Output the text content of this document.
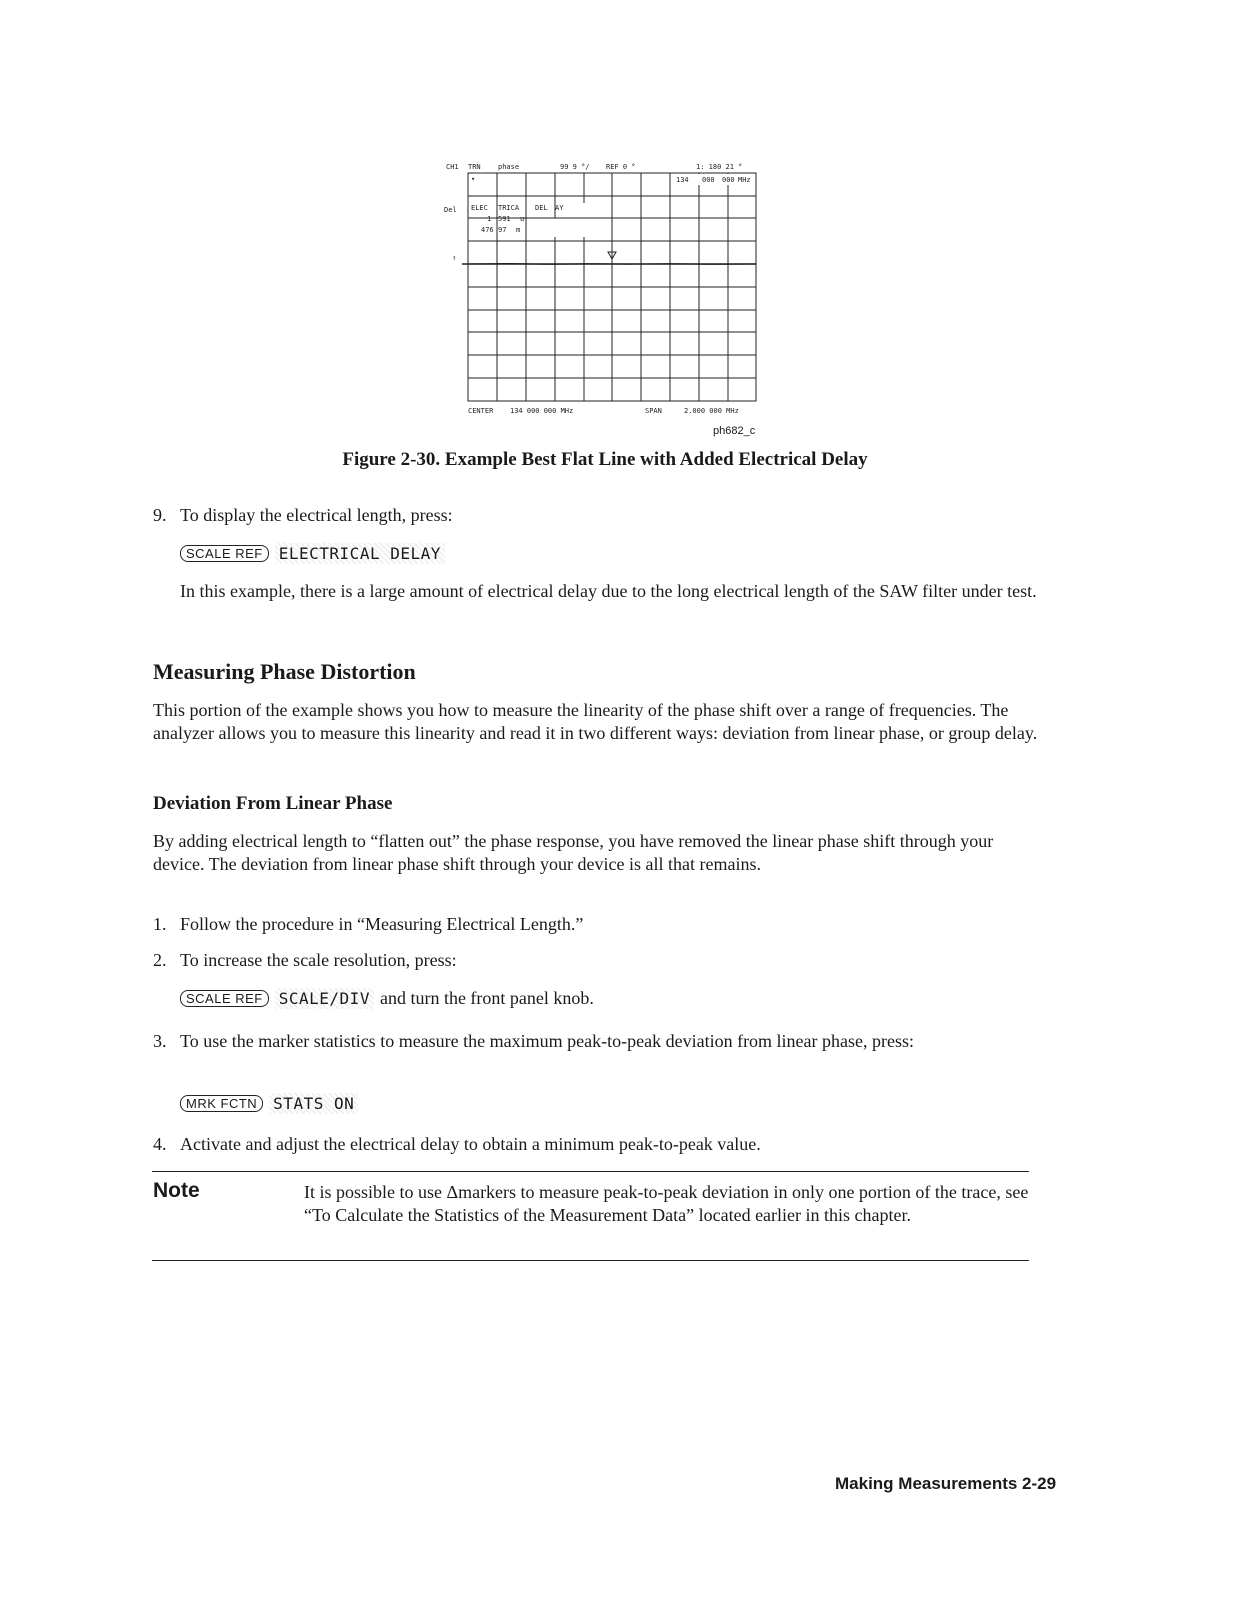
CH1 TRN phase	99 9 °/ REF 0 °	1: 180 21 °
134 000 000 MHz
▾
Del
↑
ELEC TRICA DEL AY
1 591 u
476 97 m
CENTER 134 000 000 MHz	SPAN	2.000 000 MHz
ph682_c
Figure 2-30. Example Best Flat Line with Added Electrical Delay
9. To display the electrical length, press:
SCALE REF	ELECTRICAL DELAY
In this example, there is a large amount of electrical delay due to the long electrical length of the SAW filter under test.
Measuring Phase Distortion
This portion of the example shows you how to measure the linearity of the phase shift over a range of frequencies. The analyzer allows you to measure this linearity and read it in two different ways: deviation from linear phase, or group delay.
Deviation From Linear Phase
By adding electrical length to “flatten out” the phase response, you have removed the linear phase shift through your device. The deviation from linear phase shift through your device is all that remains.
1. Follow the procedure in “Measuring Electrical Length.”
2. To increase the scale resolution, press:
SCALE REF	SCALE/DIV and turn the front panel knob.
3. To use the marker statistics to measure the maximum peak-to-peak deviation from linear phase, press:
MRK FCTN	STATS ON
4. Activate and adjust the electrical delay to obtain a minimum peak-to-peak value.
Note	It is possible to use Δmarkers to measure peak-to-peak deviation in only one portion of the trace, see “To Calculate the Statistics of the Measurement Data” located earlier in this chapter.
Making Measurements 2-29
